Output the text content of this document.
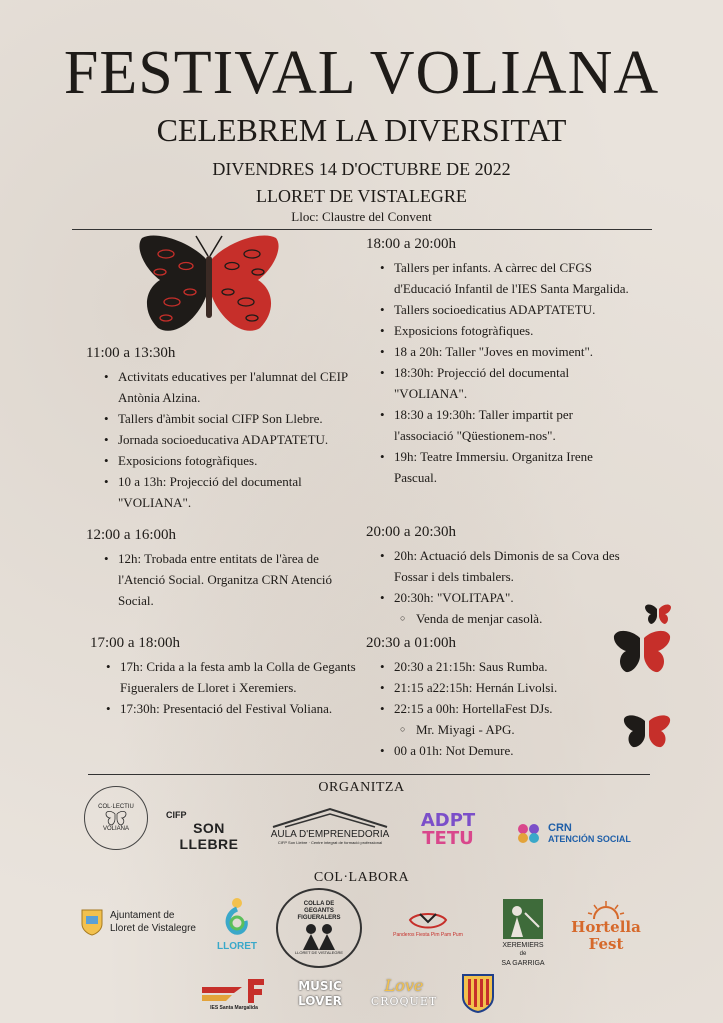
FESTIVAL VOLIANA
CELEBREM LA DIVERSITAT
DIVENDRES 14 D'OCTUBRE DE 2022
LLORET DE VISTALEGRE
Lloc: Claustre del Convent
11:00 a 13:30h
• Activitats educatives per l'alumnat del CEIP Antònia Alzina.
• Tallers d'àmbit social CIFP Son Llebre.
• Jornada socioeducativa ADAPTATETU.
• Exposicions fotogràfiques.
• 10 a 13h: Projecció del documental "VOLIANA".
12:00 a 16:00h
• 12h: Trobada entre entitats de l'àrea de l'Atenció Social. Organitza CRN Atenció Social.
17:00 a 18:00h
• 17h: Crida a la festa amb la Colla de Gegants Figueralers de Lloret i Xeremiers.
• 17:30h: Presentació del Festival Voliana.
18:00 a 20:00h
• Tallers per infants. A càrrec del CFGS d'Educació Infantil de l'IES Santa Margalida.
• Tallers socioedicatius ADAPTATETU.
• Exposicions fotogràfiques.
• 18 a 20h: Taller "Joves en moviment".
• 18:30h: Projecció del documental "VOLIANA".
• 18:30 a 19:30h: Taller impartit per l'associació "Qüestionem-nos".
• 19h: Teatre Immersiu. Organitza Irene Pascual.
20:00 a 20:30h
• 20h: Actuació dels Dimonis de sa Cova des Fossar i dels timbalers.
• 20:30h: "VOLITAPA".
○ Venda de menjar casolà.
20:30 a 01:00h
• 20:30 a 21:15h: Saus Rumba.
• 21:15 a22:15h: Hernán Livolsi.
• 22:15 a 00h: HortellaFest DJs.
○ Mr. Miyagi - APG.
• 00 a 01h: Not Demure.
ORGANITZA
COL·LECTIU
VOLIANA
CIFP
SON LLEBRE
AULA D'EMPRENEDORIA
CIFP Son Llebre · Centre integrat de formació professional
ADPT
TETU	CRN
ATENCIÓN SOCIAL
COL·LABORA
Ajuntament de
Lloret de Vistalegre
LLORET
COLLA DE GEGANTS FIGUERALERS
LLORET DE VISTALEGRE
Panderos Fiesta Pim Pam Pum
XEREMIERS
de
SA GARRIGA
Hortella
Fest
IES Santa Margalida
MUSIC
LOVER
Love
CROQUET
